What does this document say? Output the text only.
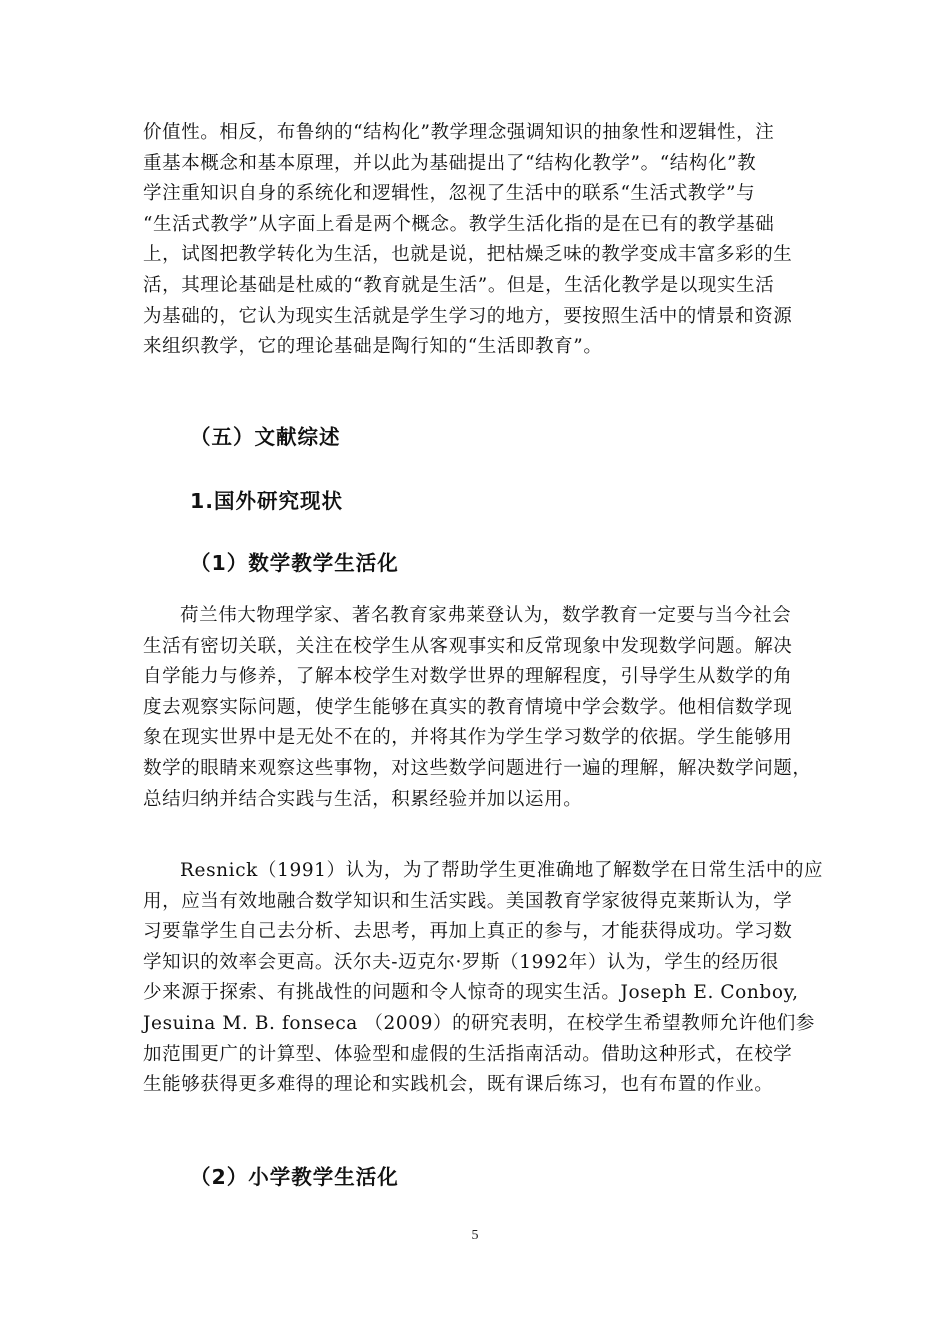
价值性。相反，布鲁纳的“结构化”教学理念强调知识的抽象性和逻辑性，注
重基本概念和基本原理，并以此为基础提出了“结构化教学”。“结构化”教
学注重知识自身的系统化和逻辑性，忽视了生活中的联系“生活式教学”与
“生活式教学”从字面上看是两个概念。教学生活化指的是在已有的教学基础
上，试图把教学转化为生活，也就是说，把枯燥乏味的教学变成丰富多彩的生
活，其理论基础是杜威的“教育就是生活”。但是，生活化教学是以现实生活
为基础的，它认为现实生活就是学生学习的地方，要按照生活中的情景和资源
来组织教学，它的理论基础是陶行知的“生活即教育”。
（五）文献综述
1.国外研究现状
（1）数学教学生活化
荷兰伟大物理学家、著名教育家弗莱登认为，数学教育一定要与当今社会
生活有密切关联，关注在校学生从客观事实和反常现象中发现数学问题。解决
自学能力与修养，了解本校学生对数学世界的理解程度，引导学生从数学的角
度去观察实际问题，使学生能够在真实的教育情境中学会数学。他相信数学现
象在现实世界中是无处不在的，并将其作为学生学习数学的依据。学生能够用
数学的眼睛来观察这些事物，对这些数学问题进行一遍的理解，解决数学问题，
总结归纳并结合实践与生活，积累经验并加以运用。
Resnick（1991）认为，为了帮助学生更准确地了解数学在日常生活中的应
用，应当有效地融合数学知识和生活实践。美国教育学家彼得克莱斯认为，学
习要靠学生自己去分析、去思考，再加上真正的参与，才能获得成功。学习数
学知识的效率会更高。沃尔夫-迈克尔·罗斯（1992年）认为，学生的经历很
少来源于探索、有挑战性的问题和令人惊奇的现实生活。Joseph E. Conboy,
Jesuina M. B. fonseca （2009）的研究表明，在校学生希望教师允许他们参
加范围更广的计算型、体验型和虚假的生活指南活动。借助这种形式，在校学
生能够获得更多难得的理论和实践机会，既有课后练习，也有布置的作业。
（2）小学教学生活化
5
